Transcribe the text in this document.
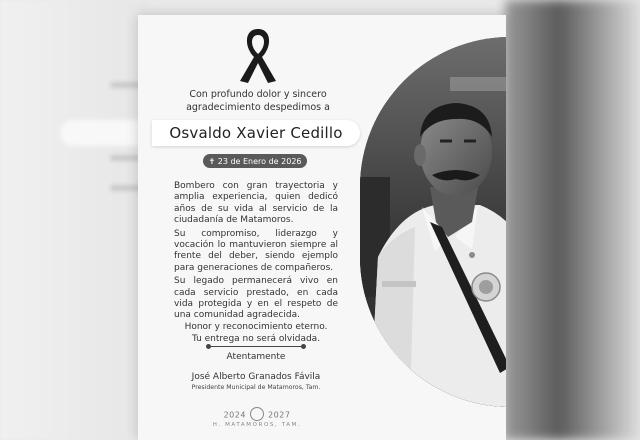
Con profundo dolor y sincero
agradecimiento despedimos a
Osvaldo Xavier Cedillo
✝ 23 de Enero de 2026

Bombero con gran trayectoria y amplia experiencia, quien dedicó años de su vida al servicio de la ciudadanía de Matamoros.

Su compromiso, liderazgo y vocación lo mantuvieron siempre al frente del deber, siendo ejemplo para generaciones de compañeros.

Su legado permanecerá vivo en cada servicio prestado, en cada vida protegida y en el respeto de una comunidad agradecida.

Honor y reconocimiento eterno.
Tu entrega no será olvidada.
Atentamente
José Alberto Granados Fávila
Presidente Municipal de Matamoros, Tam.
2024	2027
H. MATAMOROS, TAM.
